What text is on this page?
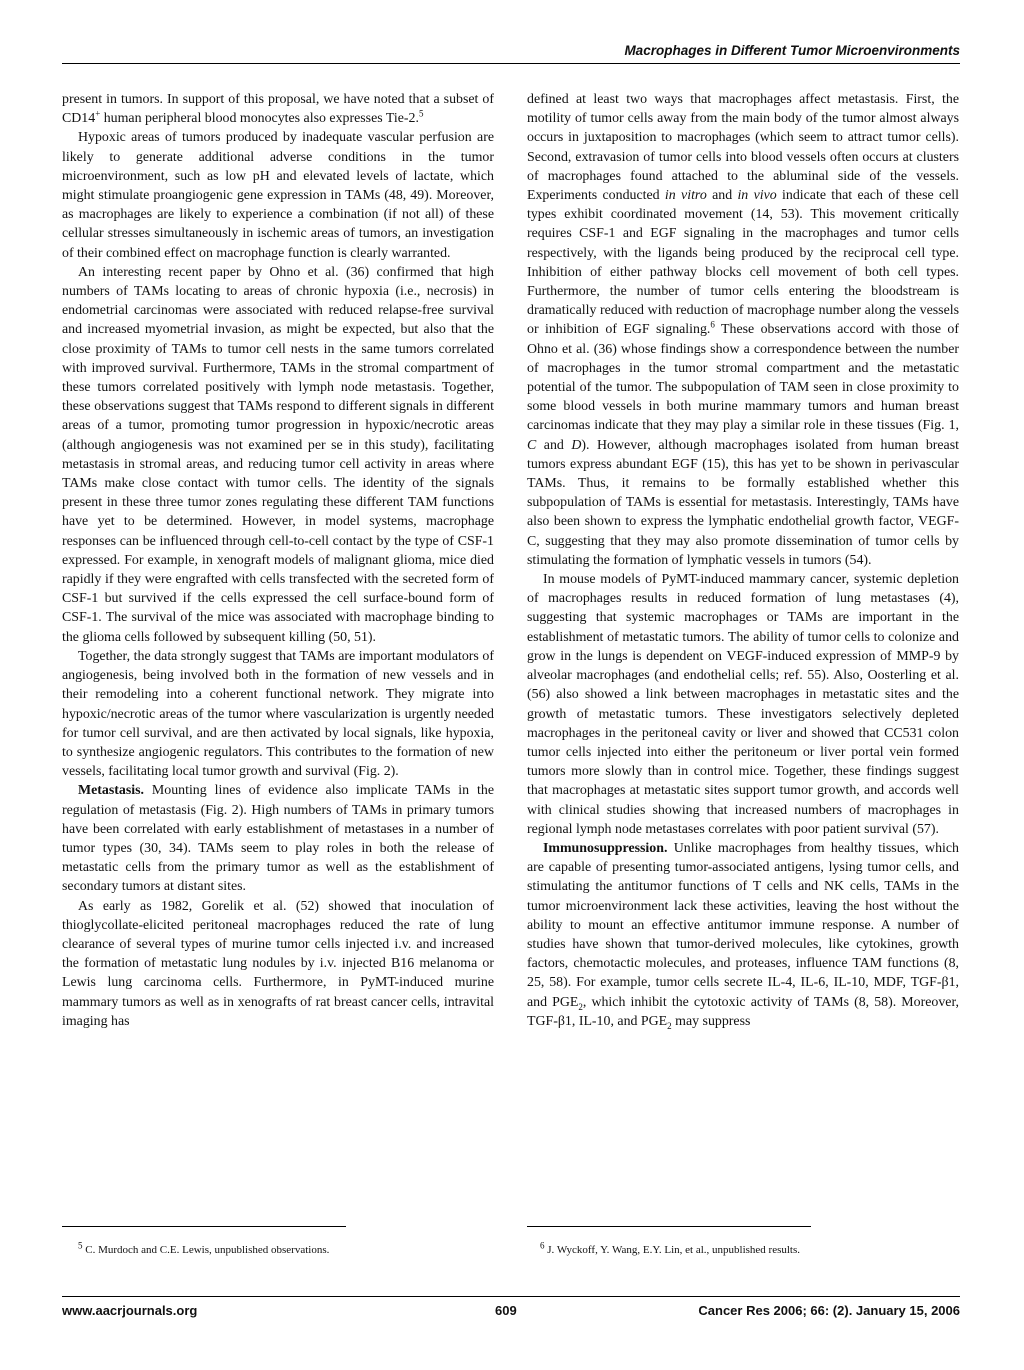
Macrophages in Different Tumor Microenvironments

present in tumors. In support of this proposal, we have noted that a subset of CD14+ human peripheral blood monocytes also expresses Tie-2.$^5$

Hypoxic areas of tumors produced by inadequate vascular perfusion are likely to generate additional adverse conditions in the tumor microenvironment, such as low pH and elevated levels of lactate, which might stimulate proangiogenic gene expression in TAMs (48, 49). Moreover, as macrophages are likely to experience a combination (if not all) of these cellular stresses simultaneously in ischemic areas of tumors, an investigation of their combined effect on macrophage function is clearly warranted.

An interesting recent paper by Ohno et al. (36) confirmed that high numbers of TAMs locating to areas of chronic hypoxia (i.e., necrosis) in endometrial carcinomas were associated with reduced relapse-free survival and increased myometrial invasion, as might be expected, but also that the close proximity of TAMs to tumor cell nests in the same tumors correlated with improved survival. Furthermore, TAMs in the stromal compartment of these tumors correlated positively with lymph node metastasis. Together, these observations suggest that TAMs respond to different signals in different areas of a tumor, promoting tumor progression in hypoxic/necrotic areas (although angiogenesis was not examined per se in this study), facilitating metastasis in stromal areas, and reducing tumor cell activity in areas where TAMs make close contact with tumor cells. The identity of the signals present in these three tumor zones regulating these different TAM functions have yet to be determined. However, in model systems, macrophage responses can be influenced through cell-to-cell contact by the type of CSF-1 expressed. For example, in xenograft models of malignant glioma, mice died rapidly if they were engrafted with cells transfected with the secreted form of CSF-1 but survived if the cells expressed the cell surface-bound form of CSF-1. The survival of the mice was associated with macrophage binding to the glioma cells followed by subsequent killing (50, 51).

Together, the data strongly suggest that TAMs are important modulators of angiogenesis, being involved both in the formation of new vessels and in their remodeling into a coherent functional network. They migrate into hypoxic/necrotic areas of the tumor where vascularization is urgently needed for tumor cell survival, and are then activated by local signals, like hypoxia, to synthesize angiogenic regulators. This contributes to the formation of new vessels, facilitating local tumor growth and survival (Fig. 2).

Metastasis. Mounting lines of evidence also implicate TAMs in the regulation of metastasis (Fig. 2). High numbers of TAMs in primary tumors have been correlated with early establishment of metastases in a number of tumor types (30, 34). TAMs seem to play roles in both the release of metastatic cells from the primary tumor as well as the establishment of secondary tumors at distant sites.

As early as 1982, Gorelik et al. (52) showed that inoculation of thioglycollate-elicited peritoneal macrophages reduced the rate of lung clearance of several types of murine tumor cells injected i.v. and increased the formation of metastatic lung nodules by i.v. injected B16 melanoma or Lewis lung carcinoma cells. Furthermore, in PyMT-induced murine mammary tumors as well as in xenografts of rat breast cancer cells, intravital imaging has

defined at least two ways that macrophages affect metastasis. First, the motility of tumor cells away from the main body of the tumor almost always occurs in juxtaposition to macrophages (which seem to attract tumor cells). Second, extravasion of tumor cells into blood vessels often occurs at clusters of macrophages found attached to the abluminal side of the vessels. Experiments conducted in vitro and in vivo indicate that each of these cell types exhibit coordinated movement (14, 53). This movement critically requires CSF-1 and EGF signaling in the macrophages and tumor cells respectively, with the ligands being produced by the reciprocal cell type. Inhibition of either pathway blocks cell movement of both cell types. Furthermore, the number of tumor cells entering the bloodstream is dramatically reduced with reduction of macrophage number along the vessels or inhibition of EGF signaling.$^6$ These observations accord with those of Ohno et al. (36) whose findings show a correspondence between the number of macrophages in the tumor stromal compartment and the metastatic potential of the tumor. The subpopulation of TAM seen in close proximity to some blood vessels in both murine mammary tumors and human breast carcinomas indicate that they may play a similar role in these tissues (Fig. 1, C and D). However, although macrophages isolated from human breast tumors express abundant EGF (15), this has yet to be shown in perivascular TAMs. Thus, it remains to be formally established whether this subpopulation of TAMs is essential for metastasis. Interestingly, TAMs have also been shown to express the lymphatic endothelial growth factor, VEGF-C, suggesting that they may also promote dissemination of tumor cells by stimulating the formation of lymphatic vessels in tumors (54).

In mouse models of PyMT-induced mammary cancer, systemic depletion of macrophages results in reduced formation of lung metastases (4), suggesting that systemic macrophages or TAMs are important in the establishment of metastatic tumors. The ability of tumor cells to colonize and grow in the lungs is dependent on VEGF-induced expression of MMP-9 by alveolar macrophages (and endothelial cells; ref. 55). Also, Oosterling et al. (56) also showed a link between macrophages in metastatic sites and the growth of metastatic tumors. These investigators selectively depleted macrophages in the peritoneal cavity or liver and showed that CC531 colon tumor cells injected into either the peritoneum or liver portal vein formed tumors more slowly than in control mice. Together, these findings suggest that macrophages at metastatic sites support tumor growth, and accords well with clinical studies showing that increased numbers of macrophages in regional lymph node metastases correlates with poor patient survival (57).

Immunosuppression. Unlike macrophages from healthy tissues, which are capable of presenting tumor-associated antigens, lysing tumor cells, and stimulating the antitumor functions of T cells and NK cells, TAMs in the tumor microenvironment lack these activities, leaving the host without the ability to mount an effective antitumor immune response. A number of studies have shown that tumor-derived molecules, like cytokines, growth factors, chemotactic molecules, and proteases, influence TAM functions (8, 25, 58). For example, tumor cells secrete IL-4, IL-6, IL-10, MDF, TGF-β1, and $PGE_2$, which inhibit the cytotoxic activity of TAMs (8, 58). Moreover, TGF-β1, IL-10, and $PGE_2$ may suppress

$^5$ C. Murdoch and C.E. Lewis, unpublished observations.	$^6$ J. Wyckoff, Y. Wang, E.Y. Lin, et al., unpublished results.
www.aacrjournals.org	609	Cancer Res 2006; 66: (2). January 15, 2006
